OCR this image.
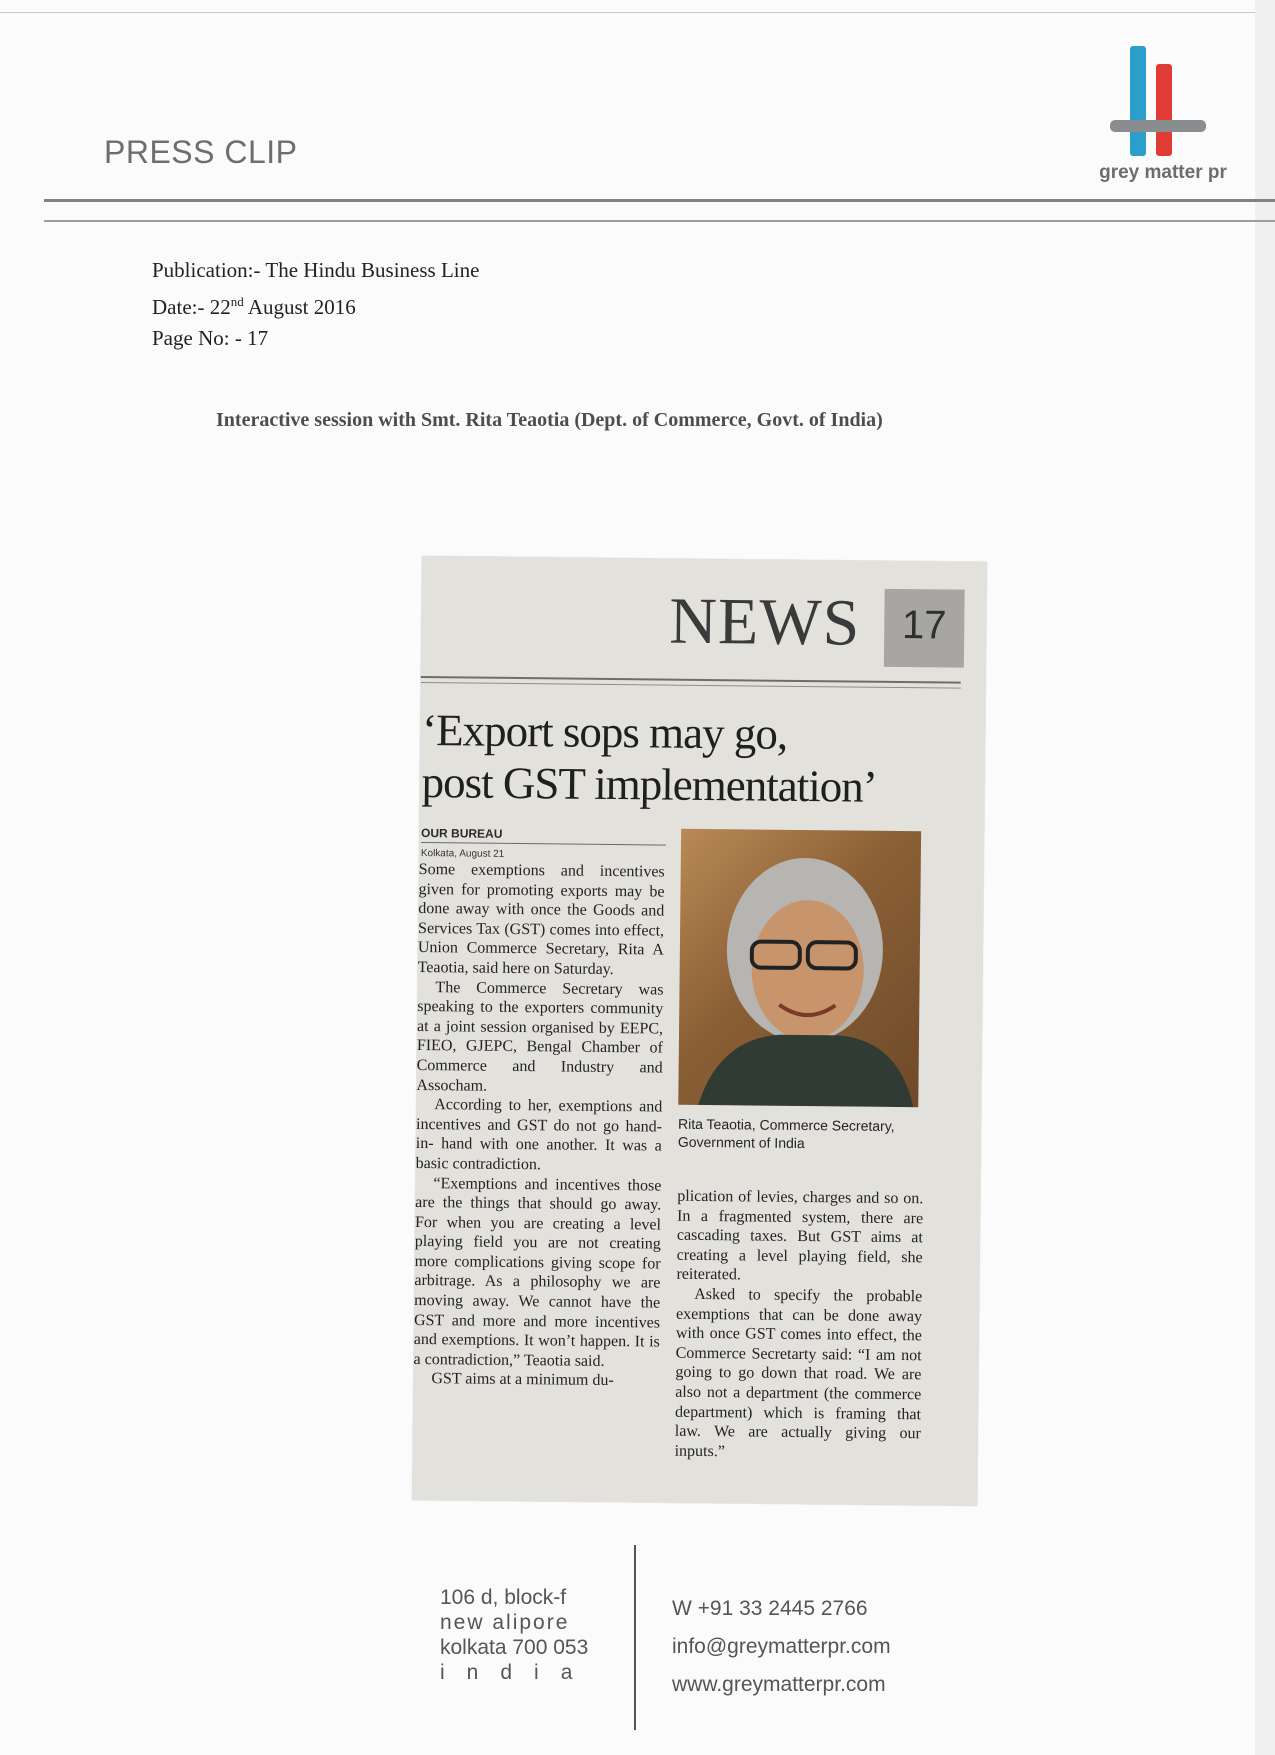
PRESS CLIP
grey matter pr
Publication:- The Hindu Business Line
Date:- 22nd August 2016
Page No: - 17
Interactive session with Smt. Rita Teaotia (Dept. of Commerce, Govt. of India)
NEWS	17
‘Export sops may go,
post GST implementation’
OUR BUREAU
Kolkata, August 21

Some exemptions and incentives given for promoting exports may be done away with once the Goods and Services Tax (GST) comes into effect, Union Commerce Secretary, Rita A Teaotia, said here on Saturday.

The Commerce Secretary was speaking to the exporters community at a joint session organised by EEPC, FIEO, GJEPC, Bengal Chamber of Commerce and Industry and Assocham.

According to her, exemptions and incentives and GST do not go hand-in- hand with one another. It was a basic contradiction.

“Exemptions and incentives those are the things that should go away. For when you are creating a level playing field you are not creating more complications giving scope for arbitrage. As a philosophy we are moving away. We cannot have the GST and more and more incentives and exemptions. It won’t happen. It is a contradiction,” Teaotia said.

GST aims at a minimum du-

Rita Teaotia, Commerce Secretary, Government of India

plication of levies, charges and so on. In a fragmented system, there are cascading taxes. But GST aims at creating a level playing field, she reiterated.

Asked to specify the probable exemptions that can be done away with once GST comes into effect, the Commerce Secretarty said: “I am not going to go down that road. We are also not a department (the commerce department) which is framing that law. We are actually giving our inputs.”

106 d, block-f
new alipore
kolkata 700 053
india
W +91 33 2445 2766
info@greymatterpr.com
www.greymatterpr.com
